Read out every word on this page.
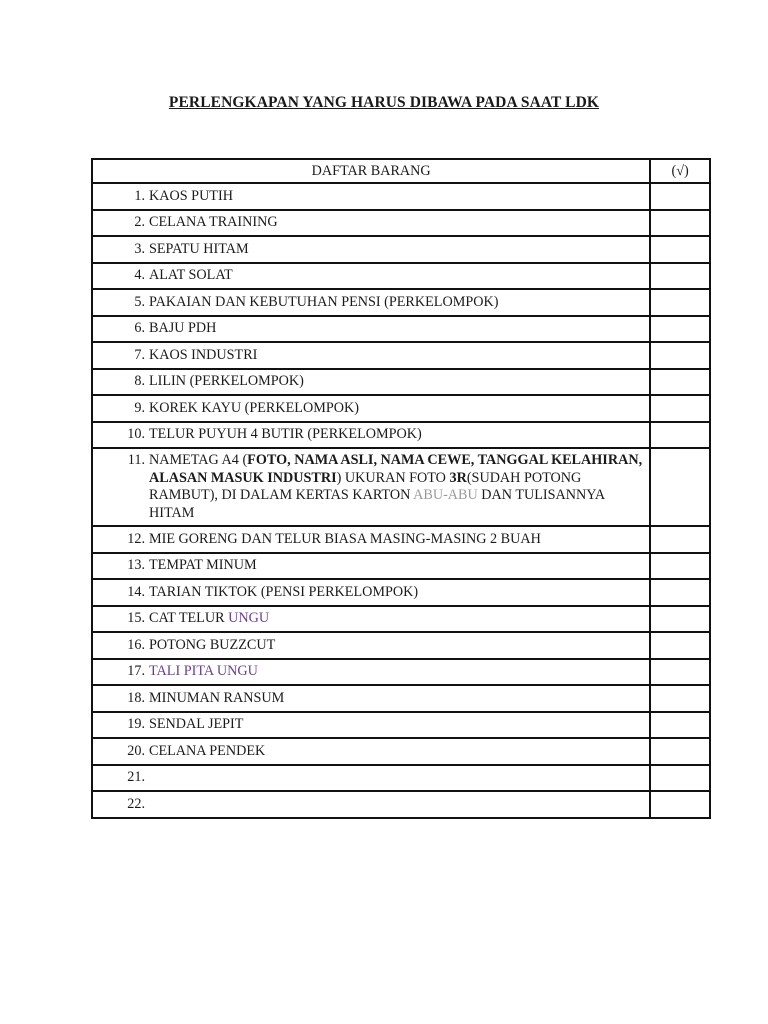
PERLENGKAPAN YANG HARUS DIBAWA PADA SAAT LDK
DAFTAR BARANG	(√)

1. KAOS PUTIH	

2. CELANA TRAINING	

3. SEPATU HITAM	

4. ALAT SOLAT	

5. PAKAIAN DAN KEBUTUHAN PENSI (PERKELOMPOK)	

6. BAJU PDH	

7. KAOS INDUSTRI	

8. LILIN (PERKELOMPOK)	

9. KOREK KAYU (PERKELOMPOK)	

10. TELUR PUYUH 4 BUTIR (PERKELOMPOK)	

11. NAMETAG A4 (FOTO, NAMA ASLI, NAMA CEWE, TANGGAL KELAHIRAN, ALASAN MASUK INDUSTRI) UKURAN FOTO 3R(SUDAH POTONG RAMBUT), DI DALAM KERTAS KARTON ABU-ABU DAN TULISANNYA HITAM	

12. MIE GORENG DAN TELUR BIASA MASING-MASING 2 BUAH	

13. TEMPAT MINUM	

14. TARIAN TIKTOK (PENSI PERKELOMPOK)	

15. CAT TELUR UNGU	

16. POTONG BUZZCUT	

17. TALI PITA UNGU	

18. MINUMAN RANSUM	

19. SENDAL JEPIT	

20. CELANA PENDEK	

21.	

22.	
